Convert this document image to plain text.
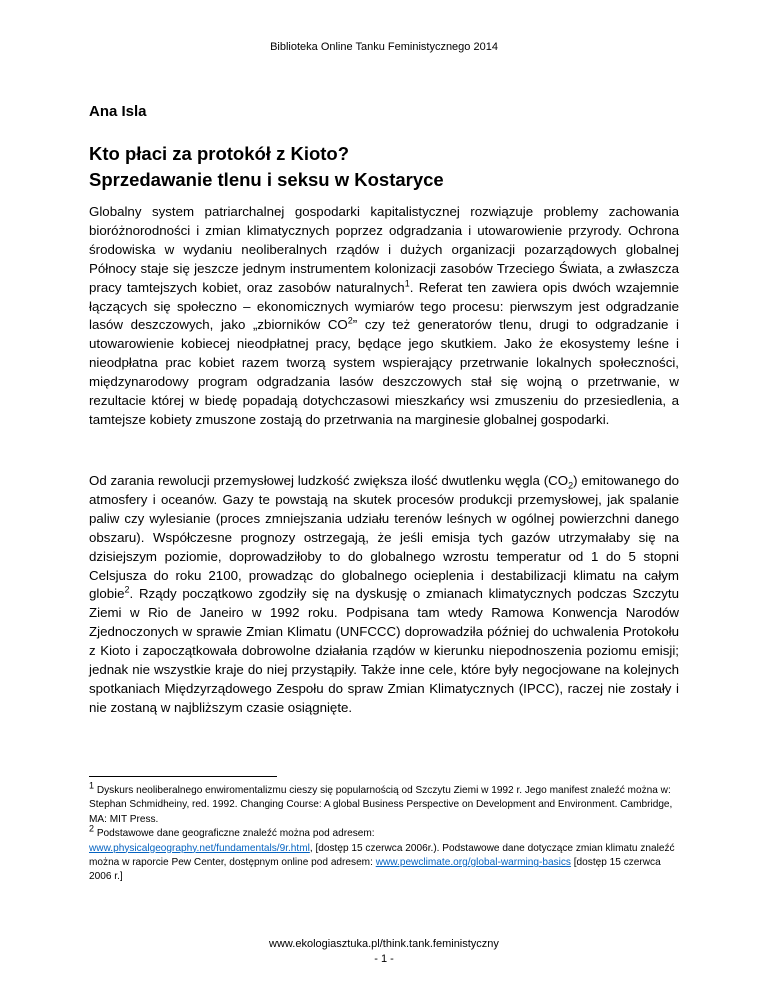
Biblioteka Online Tanku Feministycznego 2014
Ana Isla
Kto płaci za protokół z Kioto?
Sprzedawanie tlenu i seksu w Kostaryce
Globalny system patriarchalnej gospodarki kapitalistycznej rozwiązuje problemy zachowania bioróżnorodności i zmian klimatycznych poprzez odgradzania i utowarowienie przyrody. Ochrona środowiska w wydaniu neoliberalnych rządów i dużych organizacji pozarządowych globalnej Północy staje się jeszcze jednym instrumentem kolonizacji zasobów Trzeciego Świata, a zwłaszcza pracy tamtejszych kobiet, oraz zasobów naturalnych$^1$. Referat ten zawiera opis dwóch wzajemnie łączących się społeczno – ekonomicznych wymiarów tego procesu: pierwszym jest odgradzanie lasów deszczowych, jako „zbiorników $CO^2$” czy też generatorów tlenu, drugi to odgradzanie i utowarowienie kobiecej nieodpłatnej pracy, będące jego skutkiem. Jako że ekosystemy leśne i nieodpłatna prac kobiet razem tworzą system wspierający przetrwanie lokalnych społeczności, międzynarodowy program odgradzania lasów deszczowych stał się wojną o przetrwanie, w rezultacie której w biedę popadają dotychczasowi mieszkańcy wsi zmuszeniu do przesiedlenia, a tamtejsze kobiety zmuszone zostają do przetrwania na marginesie globalnej gospodarki.
Od zarania rewolucji przemysłowej ludzkość zwiększa ilość dwutlenku węgla $(CO_2)$ emitowanego do atmosfery i oceanów. Gazy te powstają na skutek procesów produkcji przemysłowej, jak spalanie paliw czy wylesianie (proces zmniejszania udziału terenów leśnych w ogólnej powierzchni danego obszaru). Współczesne prognozy ostrzegają, że jeśli emisja tych gazów utrzymałaby się na dzisiejszym poziomie, doprowadziłoby to do globalnego wzrostu temperatur od 1 do 5 stopni Celsjusza do roku 2100, prowadząc do globalnego ocieplenia i destabilizacji klimatu na całym globie$^2$. Rządy początkowo zgodziły się na dyskusję o zmianach klimatycznych podczas Szczytu Ziemi w Rio de Janeiro w 1992 roku. Podpisana tam wtedy Ramowa Konwencja Narodów Zjednoczonych w sprawie Zmian Klimatu (UNFCCC) doprowadziła później do uchwalenia Protokołu z Kioto i zapoczątkowała dobrowolne działania rządów w kierunku niepodnoszenia poziomu emisji; jednak nie wszystkie kraje do niej przystąpiły. Także inne cele, które były negocjowane na kolejnych spotkaniach Międzyrządowego Zespołu do spraw Zmian Klimatycznych (IPCC), raczej nie zostały i nie zostaną w najbliższym czasie osiągnięte.
$^1$ Dyskurs neoliberalnego enwiromentalizmu cieszy się popularnością od Szczytu Ziemi w 1992 r. Jego manifest znaleźć można w: Stephan Schmidheiny, red. 1992. Changing Course: A global Business Perspective on Development and Environment. Cambridge, MA: MIT Press.
$^2$ Podstawowe dane geograficzne znaleźć można pod adresem:
www.physicalgeography.net/fundamentals/9r.html, [dostęp 15 czerwca 2006r.). Podstawowe dane dotyczące zmian klimatu znaleźć można w raporcie Pew Center, dostępnym online pod adresem: www.pewclimate.org/global-warming-basics [dostęp 15 czerwca 2006 r.]
www.ekologiasztuka.pl/think.tank.feministyczny
- 1 -
